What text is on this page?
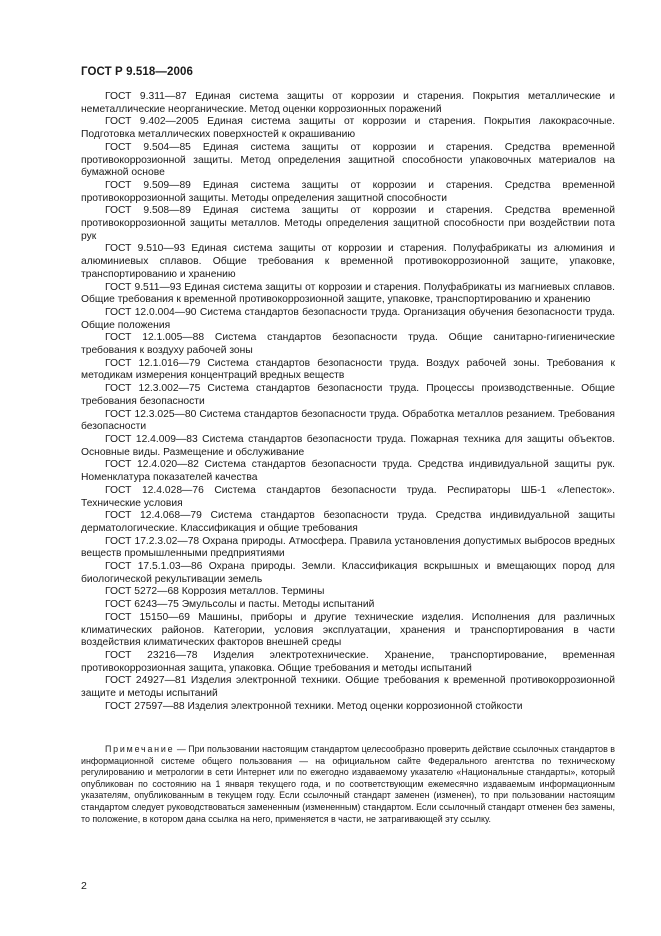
ГОСТ Р 9.518—2006

ГОСТ 9.311—87 Единая система защиты от коррозии и старения. Покрытия металлические и неметаллические неорганические. Метод оценки коррозионных поражений

ГОСТ 9.402—2005 Единая система защиты от коррозии и старения. Покрытия лакокрасочные. Подготовка металлических поверхностей к окрашиванию

ГОСТ 9.504—85 Единая система защиты от коррозии и старения. Средства временной противокоррозионной защиты. Метод определения защитной способности упаковочных материалов на бумажной основе

ГОСТ 9.509—89 Единая система защиты от коррозии и старения. Средства временной противокоррозионной защиты. Методы определения защитной способности

ГОСТ 9.508—89 Единая система защиты от коррозии и старения. Средства временной противокоррозионной защиты металлов. Методы определения защитной способности при воздействии пота рук

ГОСТ 9.510—93 Единая система защиты от коррозии и старения. Полуфабрикаты из алюминия и алюминиевых сплавов. Общие требования к временной противокоррозионной защите, упаковке, транспортированию и хранению

ГОСТ 9.511—93 Единая система защиты от коррозии и старения. Полуфабрикаты из магниевых сплавов. Общие требования к временной противокоррозионной защите, упаковке, транспортированию и хранению

ГОСТ 12.0.004—90 Система стандартов безопасности труда. Организация обучения безопасности труда. Общие положения

ГОСТ 12.1.005—88 Система стандартов безопасности труда. Общие санитарно-гигиенические требования к воздуху рабочей зоны

ГОСТ 12.1.016—79 Система стандартов безопасности труда. Воздух рабочей зоны. Требования к методикам измерения концентраций вредных веществ

ГОСТ 12.3.002—75 Система стандартов безопасности труда. Процессы производственные. Общие требования безопасности

ГОСТ 12.3.025—80 Система стандартов безопасности труда. Обработка металлов резанием. Требования безопасности

ГОСТ 12.4.009—83 Система стандартов безопасности труда. Пожарная техника для защиты объектов. Основные виды. Размещение и обслуживание

ГОСТ 12.4.020—82 Система стандартов безопасности труда. Средства индивидуальной защиты рук. Номенклатура показателей качества

ГОСТ 12.4.028—76 Система стандартов безопасности труда. Респираторы ШБ-1 «Лепесток». Технические условия

ГОСТ 12.4.068—79 Система стандартов безопасности труда. Средства индивидуальной защиты дерматологические. Классификация и общие требования

ГОСТ 17.2.3.02—78 Охрана природы. Атмосфера. Правила установления допустимых выбросов вредных веществ промышленными предприятиями

ГОСТ 17.5.1.03—86 Охрана природы. Земли. Классификация вскрышных и вмещающих пород для биологической рекультивации земель

ГОСТ 5272—68 Коррозия металлов. Термины

ГОСТ 6243—75 Эмульсолы и пасты. Методы испытаний

ГОСТ 15150—69 Машины, приборы и другие технические изделия. Исполнения для различных климатических районов. Категории, условия эксплуатации, хранения и транспортирования в части воздействия климатических факторов внешней среды

ГОСТ 23216—78 Изделия электротехнические. Хранение, транспортирование, временная противокоррозионная защита, упаковка. Общие требования и методы испытаний

ГОСТ 24927—81 Изделия электронной техники. Общие требования к временной противокоррозионной защите и методы испытаний

ГОСТ 27597—88 Изделия электронной техники. Метод оценки коррозионной стойкости

Примечание — При пользовании настоящим стандартом целесообразно проверить действие ссылочных стандартов в информационной системе общего пользования — на официальном сайте Федерального агентства по техническому регулированию и метрологии в сети Интернет или по ежегодно издаваемому указателю «Национальные стандарты», который опубликован по состоянию на 1 января текущего года, и по соответствующим ежемесячно издаваемым информационным указателям, опубликованным в текущем году. Если ссылочный стандарт заменен (изменен), то при пользовании настоящим стандартом следует руководствоваться замененным (измененным) стандартом. Если ссылочный стандарт отменен без замены, то положение, в котором дана ссылка на него, применяется в части, не затрагивающей эту ссылку.

2
